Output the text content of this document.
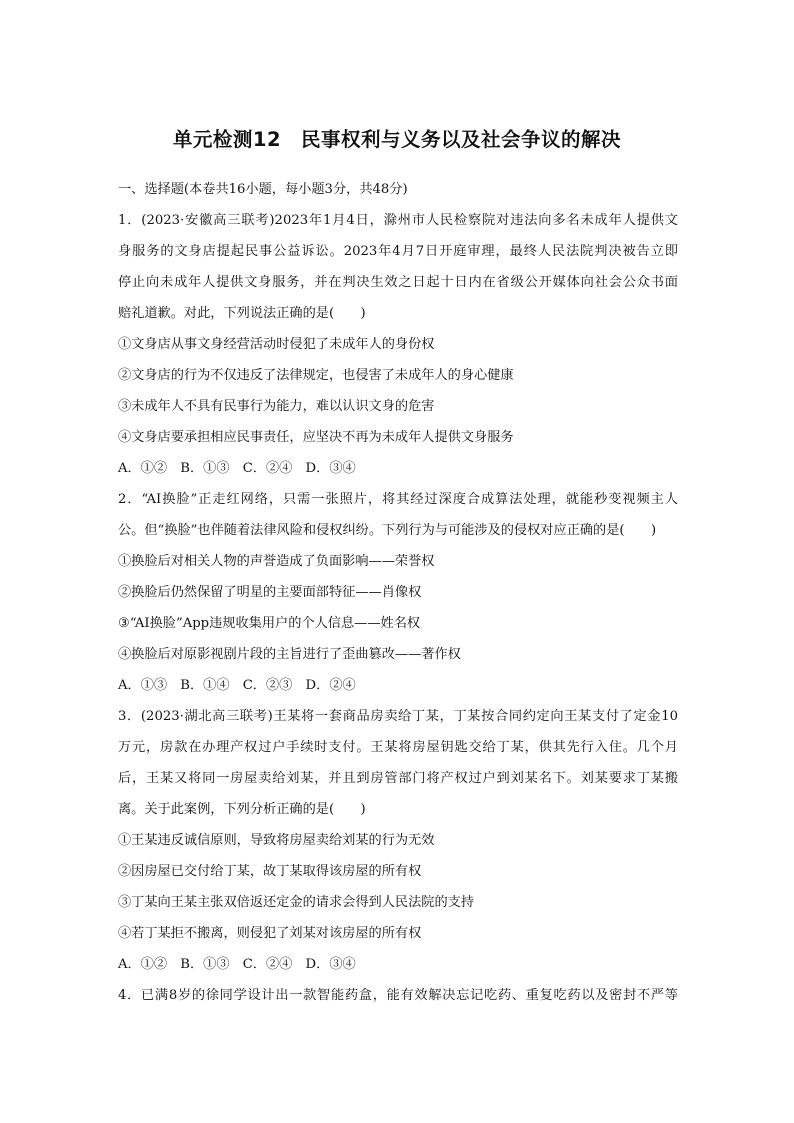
单元检测12　民事权利与义务以及社会争议的解决
一、选择题(本卷共16小题，每小题3分，共48分)
1．(2023·安徽高三联考)2023年1月4日，滁州市人民检察院对违法向多名未成年人提供文
身服务的文身店提起民事公益诉讼。2023年4月7日开庭审理，最终人民法院判决被告立即
停止向未成年人提供文身服务，并在判决生效之日起十日内在省级公开媒体向社会公众书面
赔礼道歉。对此，下列说法正确的是(　　)
①文身店从事文身经营活动时侵犯了未成年人的身份权
②文身店的行为不仅违反了法律规定，也侵害了未成年人的身心健康
③未成年人不具有民事行为能力，难以认识文身的危害
④文身店要承担相应民事责任，应坚决不再为未成年人提供文身服务
A．①②　B．①③　C．②④　D．③④
2．“AI换脸”正走红网络，只需一张照片，将其经过深度合成算法处理，就能秒变视频主人
公。但“换脸”也伴随着法律风险和侵权纠纷。下列行为与可能涉及的侵权对应正确的是(　　)
①换脸后对相关人物的声誉造成了负面影响——荣誉权
②换脸后仍然保留了明星的主要面部特征——肖像权
③“AI换脸”App违规收集用户的个人信息——姓名权
④换脸后对原影视剧片段的主旨进行了歪曲篡改——著作权
A．①③　B．①④　C．②③　D．②④
3．(2023·湖北高三联考)王某将一套商品房卖给丁某，丁某按合同约定向王某支付了定金10
万元，房款在办理产权过户手续时支付。王某将房屋钥匙交给丁某，供其先行入住。几个月
后，王某又将同一房屋卖给刘某，并且到房管部门将产权过户到刘某名下。刘某要求丁某搬
离。关于此案例，下列分析正确的是(　　)
①王某违反诚信原则，导致将房屋卖给刘某的行为无效
②因房屋已交付给丁某，故丁某取得该房屋的所有权
③丁某向王某主张双倍返还定金的请求会得到人民法院的支持
④若丁某拒不搬离，则侵犯了刘某对该房屋的所有权
A．①②　B．①③　C．②④　D．③④
4．已满8岁的徐同学设计出一款智能药盒，能有效解决忘记吃药、重复吃药以及密封不严等
